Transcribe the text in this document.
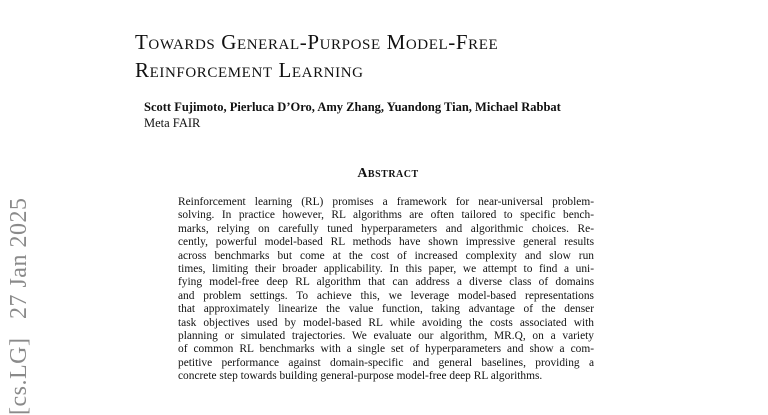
[cs.LG] 27 Jan 2025
Towards General-Purpose Model-Free
Reinforcement Learning
Scott Fujimoto, Pierluca D’Oro, Amy Zhang, Yuandong Tian, Michael Rabbat
Meta FAIR
Abstract
Reinforcement learning (RL) promises a framework for near-universal problem-
solving. In practice however, RL algorithms are often tailored to specific bench-
marks, relying on carefully tuned hyperparameters and algorithmic choices. Re-
cently, powerful model-based RL methods have shown impressive general results
across benchmarks but come at the cost of increased complexity and slow run
times, limiting their broader applicability. In this paper, we attempt to find a uni-
fying model-free deep RL algorithm that can address a diverse class of domains
and problem settings. To achieve this, we leverage model-based representations
that approximately linearize the value function, taking advantage of the denser
task objectives used by model-based RL while avoiding the costs associated with
planning or simulated trajectories. We evaluate our algorithm, MR.Q, on a variety
of common RL benchmarks with a single set of hyperparameters and show a com-
petitive performance against domain-specific and general baselines, providing a
concrete step towards building general-purpose model-free deep RL algorithms.
